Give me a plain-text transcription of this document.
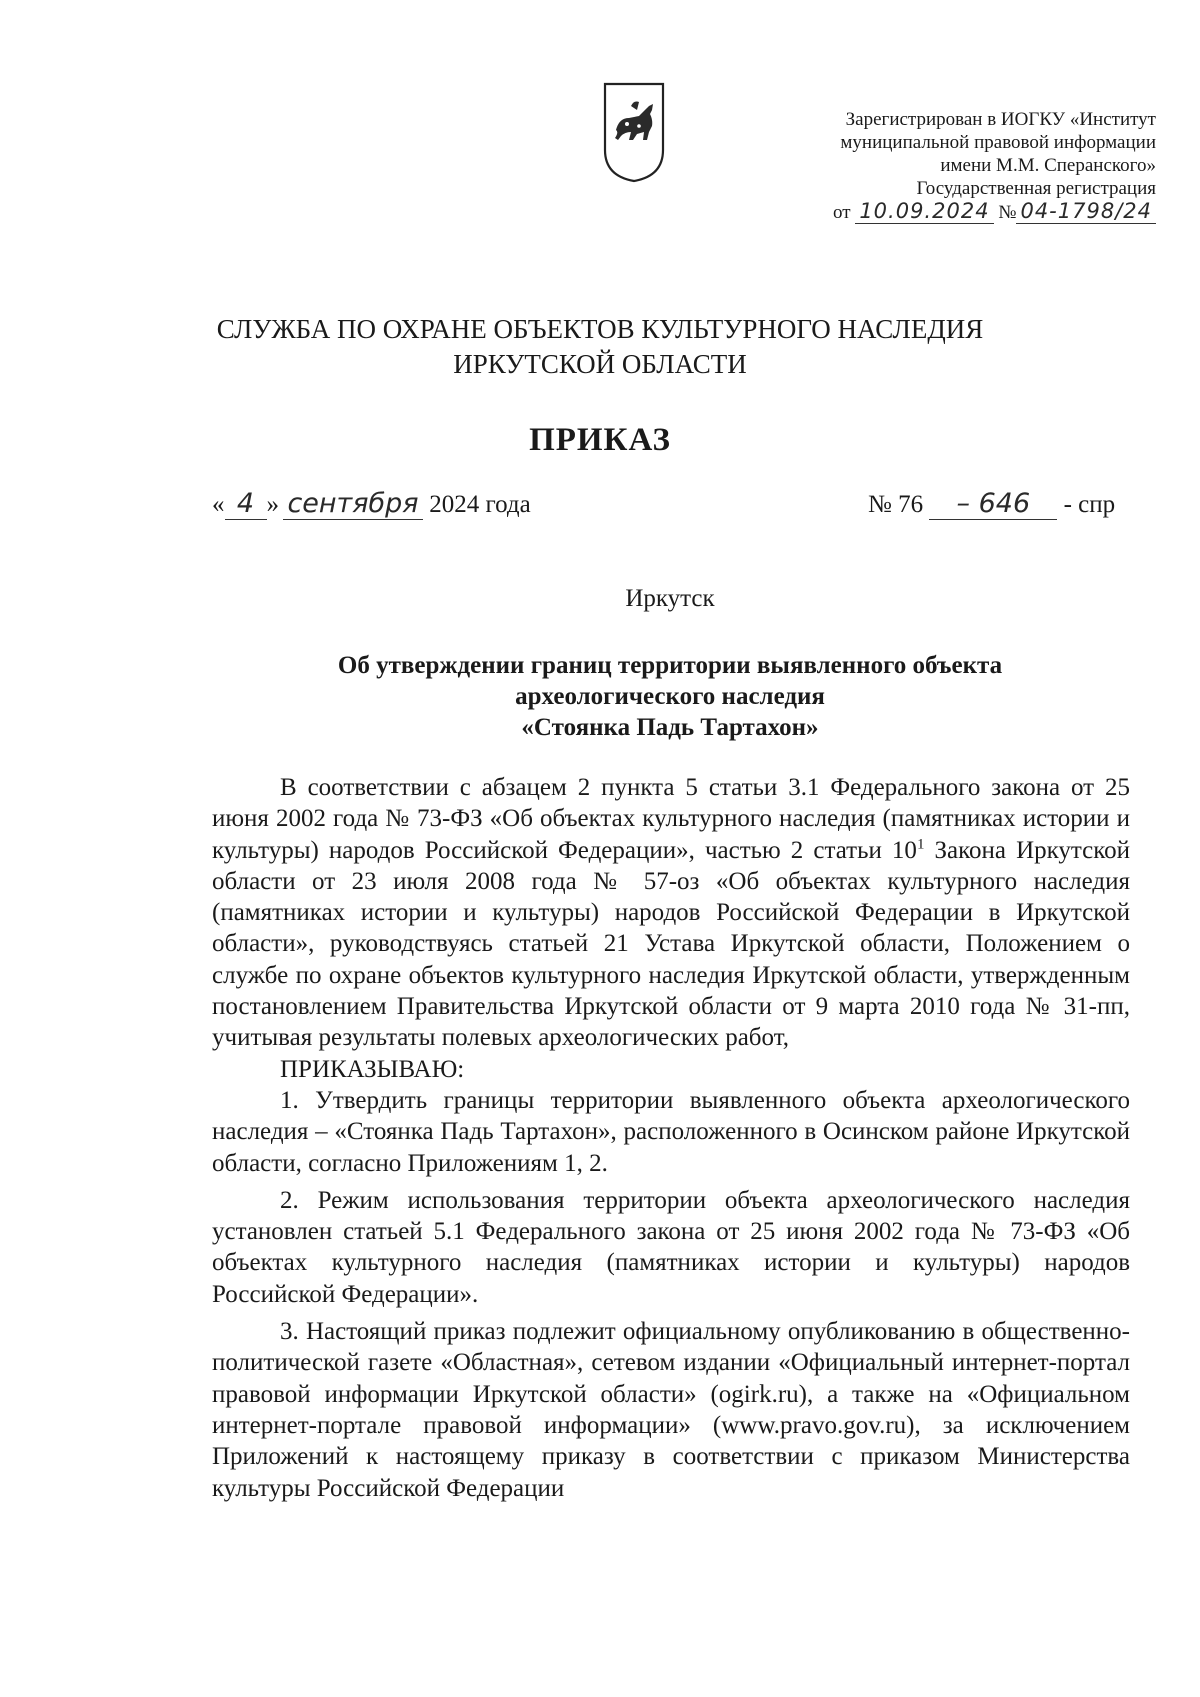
Зарегистрирован в ИОГКУ «Институт
муниципальной правовой информации
имени М.М. Сперанского»
Государственная регистрация
от 10.09.2024 № 04-1798/24
СЛУЖБА ПО ОХРАНЕ ОБЪЕКТОВ КУЛЬТУРНОГО НАСЛЕДИЯ
ИРКУТСКОЙ ОБЛАСТИ
ПРИКАЗ
« 4 » сентября 2024 года	№ 76 – 646 - спр
Иркутск
Об утверждении границ территории выявленного объекта
археологического наследия
«Стоянка Падь Тартахон»

В соответствии с абзацем 2 пункта 5 статьи 3.1 Федерального закона от 25 июня 2002 года № 73-ФЗ «Об объектах культурного наследия (памятниках истории и культуры) народов Российской Федерации», частью 2 статьи $10^1$ Закона Иркутской области от 23 июля 2008 года № 57-оз «Об объектах культурного наследия (памятниках истории и культуры) народов Российской Федерации в Иркутской области», руководствуясь статьей 21 Устава Иркутской области, Положением о службе по охране объектов культурного наследия Иркутской области, утвержденным постановлением Правительства Иркутской области от 9 марта 2010 года № 31-пп, учитывая результаты полевых археологических работ,

ПРИКАЗЫВАЮ:

1. Утвердить границы территории выявленного объекта археологического наследия – «Стоянка Падь Тартахон», расположенного в Осинском районе Иркутской области, согласно Приложениям 1, 2.

2. Режим использования территории объекта археологического наследия установлен статьей 5.1 Федерального закона от 25 июня 2002 года № 73-ФЗ «Об объектах культурного наследия (памятниках истории и культуры) народов Российской Федерации».

3. Настоящий приказ подлежит официальному опубликованию в общественно-политической газете «Областная», сетевом издании «Официальный интернет-портал правовой информации Иркутской области» (ogirk.ru), а также на «Официальном интернет-портале правовой информации» (www.pravo.gov.ru), за исключением Приложений к настоящему приказу в соответствии с приказом Министерства культуры Российской Федерации
